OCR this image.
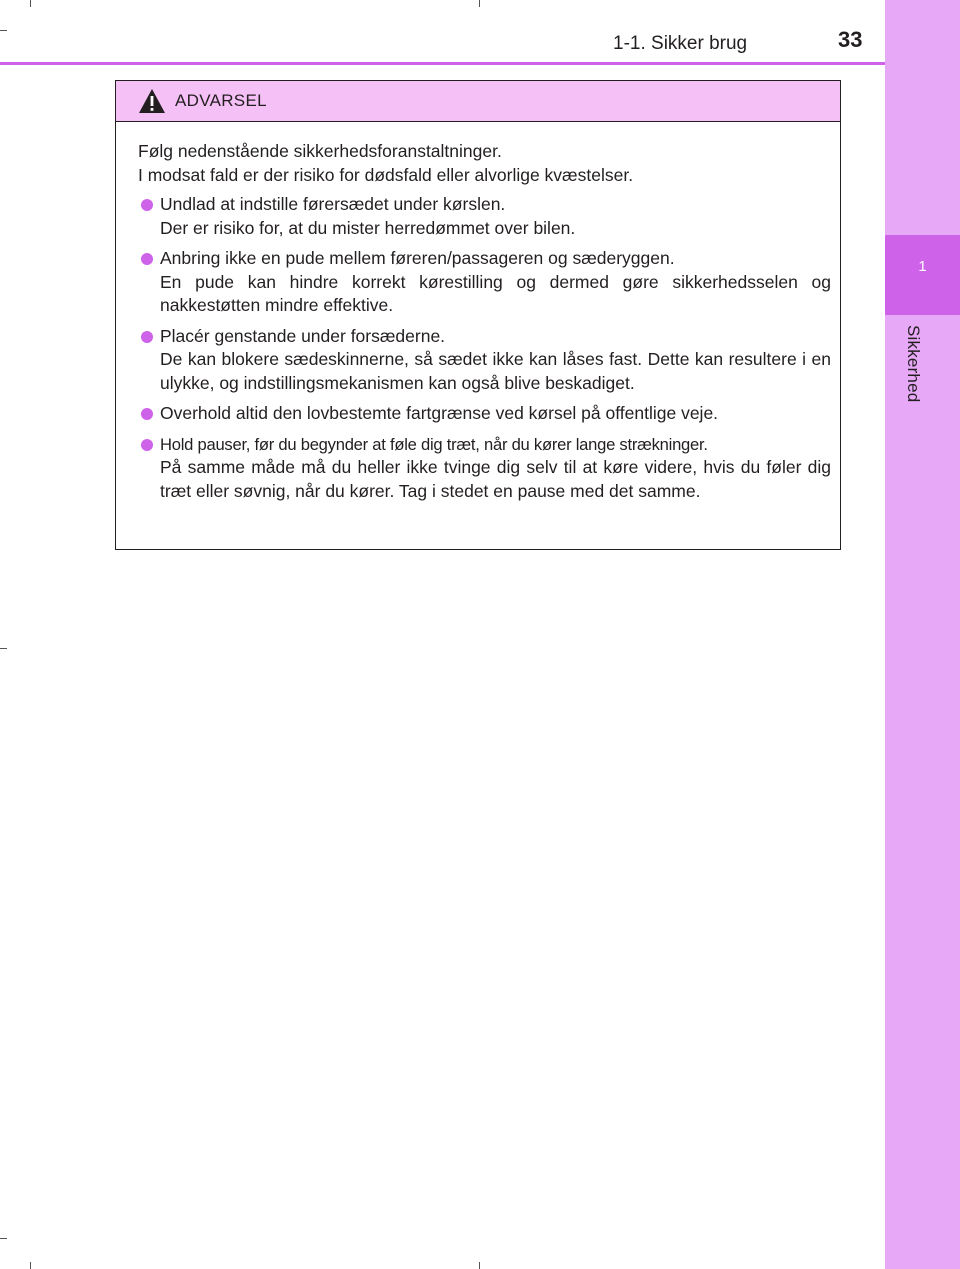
1
Sikkerhed
1-1. Sikker brug	33
ADVARSEL

Følg nedenstående sikkerhedsforanstaltninger.
I modsat fald er der risiko for dødsfald eller alvorlige kvæstelser.

Undlad at indstille førersædet under kørslen.

Der er risiko for, at du mister herredømmet over bilen.

Anbring ikke en pude mellem føreren/passageren og sæderyggen.

En pude kan hindre korrekt kørestilling og dermed gøre sikkerhedsselen og nakkestøtten mindre effektive.

Placér genstande under forsæderne.

De kan blokere sædeskinnerne, så sædet ikke kan låses fast. Dette kan resultere i en ulykke, og indstillingsmekanismen kan også blive beskadiget.

Overhold altid den lovbestemte fartgrænse ved kørsel på offentlige veje.

Hold pauser, før du begynder at føle dig træt, når du kører lange strækninger.

På samme måde må du heller ikke tvinge dig selv til at køre videre, hvis du føler dig træt eller søvnig, når du kører. Tag i stedet en pause med det samme.

carmanualsonline.info
